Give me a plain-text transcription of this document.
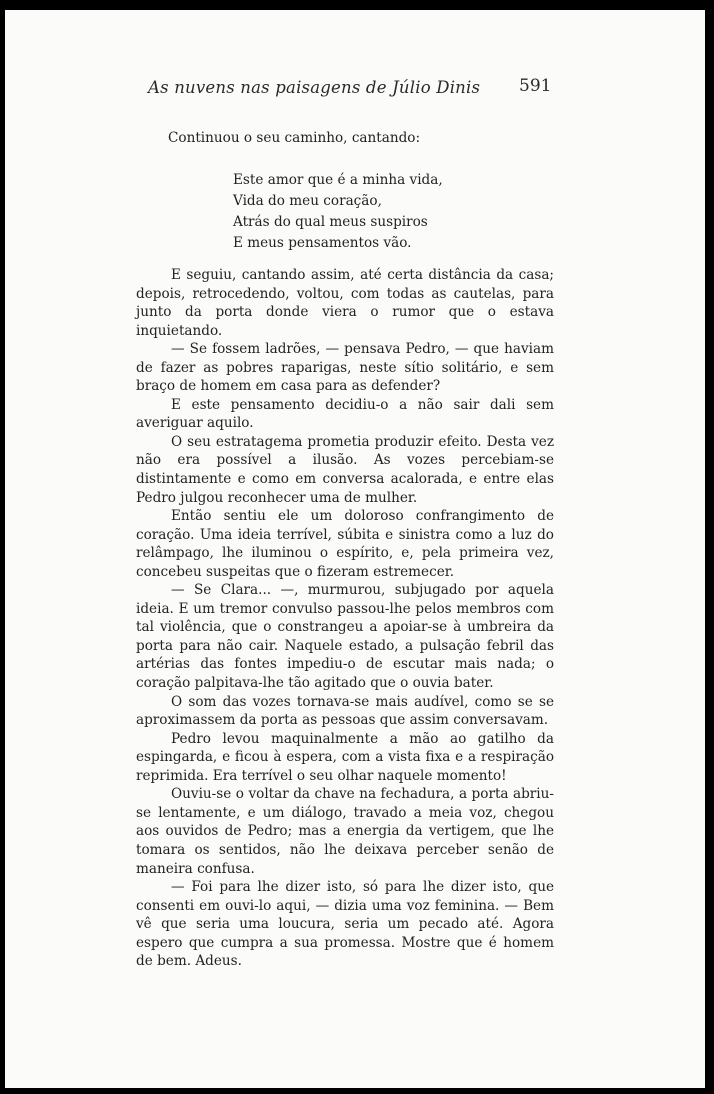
As nuvens nas paisagens de Júlio Dinis 591
Continuou o seu caminho, cantando:
Este amor que é a minha vida,
Vida do meu coração,
Atrás do qual meus suspiros
E meus pensamentos vão.

E seguiu, cantando assim, até certa distância da casa; depois, retrocedendo, voltou, com todas as cautelas, para junto da porta donde viera o rumor que o estava inquietando.

— Se fossem ladrões, — pensava Pedro, — que haviam de fazer as pobres raparigas, neste sítio solitário, e sem braço de homem em casa para as defender?

E este pensamento decidiu-o a não sair dali sem averiguar aquilo.

O seu estratagema prometia produzir efeito. Desta vez não era possível a ilusão. As vozes percebiam-se distintamente e como em conversa acalorada, e entre elas Pedro julgou reconhecer uma de mulher.

Então sentiu ele um doloroso confrangimento de coração. Uma ideia terrível, súbita e sinistra como a luz do relâmpago, lhe iluminou o espírito, e, pela primeira vez, concebeu suspeitas que o fizeram estremecer.

— Se Clara... —, murmurou, subjugado por aquela ideia. E um tremor convulso passou-lhe pelos membros com tal violência, que o constrangeu a apoiar-se à umbreira da porta para não cair. Naquele estado, a pulsação febril das artérias das fontes impediu-o de escutar mais nada; o coração palpitava-lhe tão agitado que o ouvia bater.

O som das vozes tornava-se mais audível, como se se aproximassem da porta as pessoas que assim conversavam.

Pedro levou maquinalmente a mão ao gatilho da espingarda, e ficou à espera, com a vista fixa e a respiração reprimida. Era terrível o seu olhar naquele momento!

Ouviu-se o voltar da chave na fechadura, a porta abriu-se lentamente, e um diálogo, travado a meia voz, chegou aos ouvidos de Pedro; mas a energia da vertigem, que lhe tomara os sentidos, não lhe deixava perceber senão de maneira confusa.

— Foi para lhe dizer isto, só para lhe dizer isto, que consenti em ouvi-lo aqui, — dizia uma voz feminina. — Bem vê que seria uma loucura, seria um pecado até. Agora espero que cumpra a sua promessa. Mostre que é homem de bem. Adeus.
